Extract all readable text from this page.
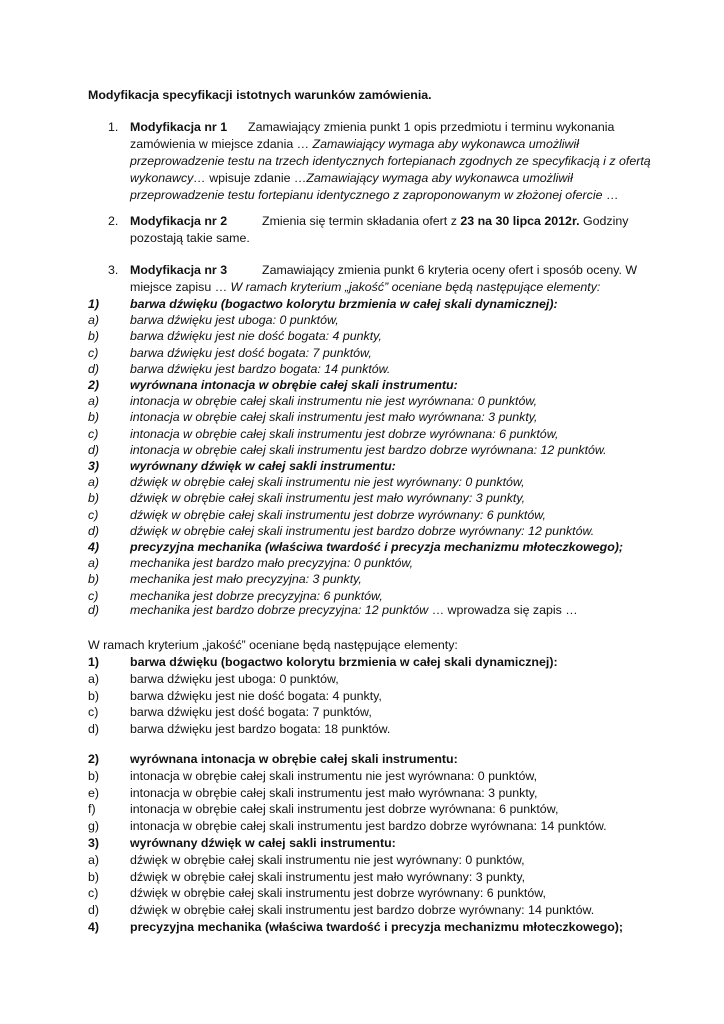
Modyfikacja specyfikacji istotnych warunków zamówienia.
1. Modyfikacja nr 1 Zamawiający zmienia punkt 1 opis przedmiotu i terminu wykonania
zamówienia w miejsce zdania … Zamawiający wymaga aby wykonawca umożliwił
przeprowadzenie testu na trzech identycznych fortepianach zgodnych ze specyfikacją i z ofertą
wykonawcy… wpisuje zdanie …Zamawiający wymaga aby wykonawca umożliwił
przeprowadzenie testu fortepianu identycznego z zaproponowanym w złożonej ofercie …
2. Modyfikacja nr 2	Zmienia się termin składania ofert z 23 na 30 lipca 2012r. Godziny
pozostają takie same.
3. Modyfikacja nr 3	Zamawiający zmienia punkt 6 kryteria oceny ofert i sposób oceny. W
miejsce zapisu … W ramach kryterium „jakość” oceniane będą następujące elementy:
1) barwa dźwięku (bogactwo kolorytu brzmienia w całej skali dynamicznej):
a) barwa dźwięku jest uboga: 0 punktów,
b) barwa dźwięku jest nie dość bogata: 4 punkty,
c)	barwa dźwięku jest dość bogata: 7 punktów,
d) barwa dźwięku jest bardzo bogata: 14 punktów.
2) wyrównana intonacja w obrębie całej skali instrumentu:
a) intonacja w obrębie całej skali instrumentu nie jest wyrównana: 0 punktów,
b) intonacja w obrębie całej skali instrumentu jest mało wyrównana: 3 punkty,
c)	intonacja w obrębie całej skali instrumentu jest dobrze wyrównana: 6 punktów,
d) intonacja w obrębie całej skali instrumentu jest bardzo dobrze wyrównana: 12 punktów.
3) wyrównany dźwięk w całej sakli instrumentu:
a) dźwięk w obrębie całej skali instrumentu nie jest wyrównany: 0 punktów,
b) dźwięk w obrębie całej skali instrumentu jest mało wyrównany: 3 punkty,
c)	dźwięk w obrębie całej skali instrumentu jest dobrze wyrównany: 6 punktów,
d) dźwięk w obrębie całej skali instrumentu jest bardzo dobrze wyrównany: 12 punktów.
4) precyzyjna mechanika (właściwa twardość i precyzja mechanizmu młoteczkowego);
a) mechanika jest bardzo mało precyzyjna: 0 punktów,
b) mechanika jest mało precyzyjna: 3 punkty,
c)	mechanika jest dobrze precyzyjna: 6 punktów,
d) mechanika jest bardzo dobrze precyzyjna: 12 punktów … wprowadza się zapis …
W ramach kryterium „jakość” oceniane będą następujące elementy:
1) barwa dźwięku (bogactwo kolorytu brzmienia w całej skali dynamicznej):
a) barwa dźwięku jest uboga: 0 punktów,
b) barwa dźwięku jest nie dość bogata: 4 punkty,
c)	barwa dźwięku jest dość bogata: 7 punktów,
d) barwa dźwięku jest bardzo bogata: 18 punktów.
2) wyrównana intonacja w obrębie całej skali instrumentu:
b) intonacja w obrębie całej skali instrumentu nie jest wyrównana: 0 punktów,
e) intonacja w obrębie całej skali instrumentu jest mało wyrównana: 3 punkty,
f)	intonacja w obrębie całej skali instrumentu jest dobrze wyrównana: 6 punktów,
g) intonacja w obrębie całej skali instrumentu jest bardzo dobrze wyrównana: 14 punktów.
3) wyrównany dźwięk w całej sakli instrumentu:
a) dźwięk w obrębie całej skali instrumentu nie jest wyrównany: 0 punktów,
b) dźwięk w obrębie całej skali instrumentu jest mało wyrównany: 3 punkty,
c)	dźwięk w obrębie całej skali instrumentu jest dobrze wyrównany: 6 punktów,
d) dźwięk w obrębie całej skali instrumentu jest bardzo dobrze wyrównany: 14 punktów.
4) precyzyjna mechanika (właściwa twardość i precyzja mechanizmu młoteczkowego);
